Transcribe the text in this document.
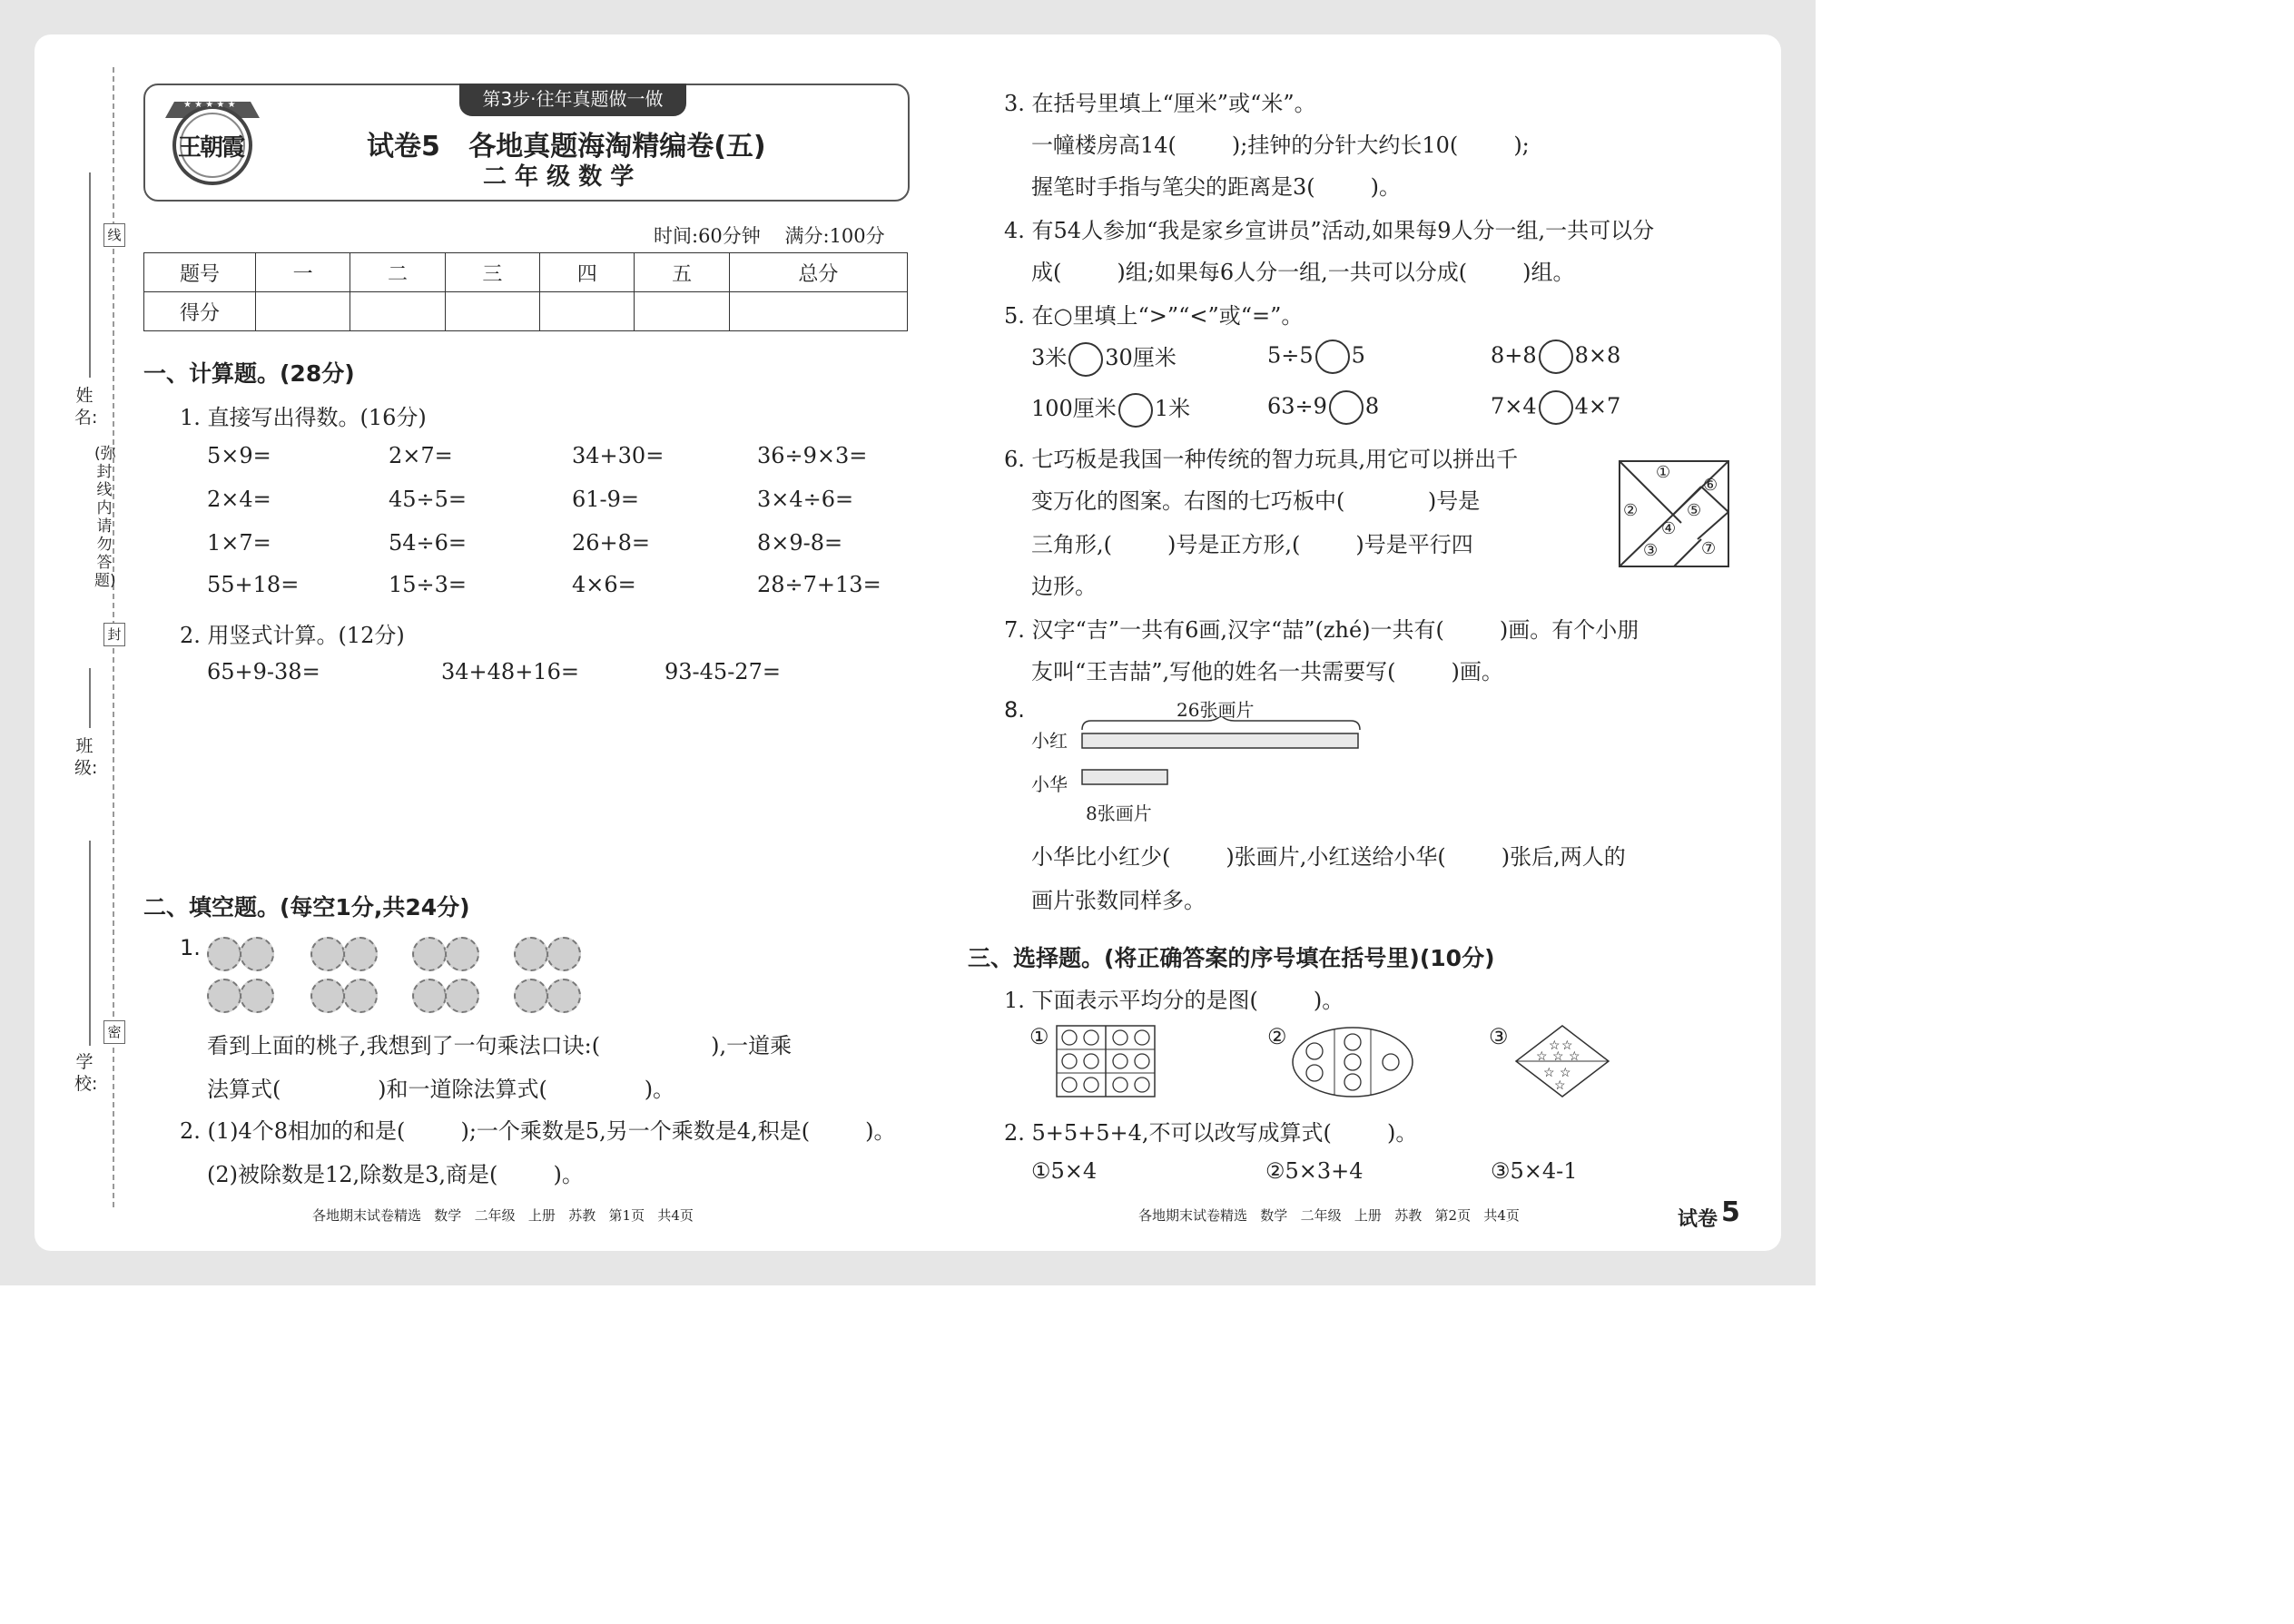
线
封
密
姓名:
班级:
学校:
(弥封线内请勿答题)
第3步·往年真题做一做
★ ★ ★ ★ ★
王朝霞	试卷5   各地真题海淘精编卷(五)
二 年 级 数 学
时间:60分钟    满分:100分
题号	一	二	三	四	五	总分
得分						
一、计算题。(28分)
1. 直接写出得数。(16分)
2. 用竖式计算。(12分)
65+9-38=	34+48+16=	93-45-27=
二、填空题。(每空1分,共24分)
1.
看到上面的桃子,我想到了一句乘法口诀:(                ),一道乘
法算式(              )和一道除法算式(              )。
2. (1)4个8相加的和是(        );一个乘数是5,另一个乘数是4,积是(        )。
(2)被除数是12,除数是3,商是(        )。
3. 在括号里填上“厘米”或“米”。
一幢楼房高14(        );挂钟的分针大约长10(        );
握笔时手指与笔尖的距离是3(        )。
4. 有54人参加“我是家乡宣讲员”活动,如果每9人分一组,一共可以分
成(        )组;如果每6人分一组,一共可以分成(        )组。
5. 在○里填上“>”“<”或“=”。
6. 七巧板是我国一种传统的智力玩具,用它可以拼出千
变万化的图案。右图的七巧板中(            )号是
三角形,(        )号是正方形,(        )号是平行四
边形。
①
②
③
④
⑤
⑥
⑦
7. 汉字“吉”一共有6画,汉字“喆”(zhé)一共有(        )画。有个小朋
友叫“王吉喆”,写他的姓名一共需要写(        )画。
8.	26张画片
小红
小华
8张画片
小华比小红少(        )张画片,小红送给小华(        )张后,两人的
画片张数同样多。
三、选择题。(将正确答案的序号填在括号里)(10分)
1. 下面表示平均分的是图(        )。
①	②	③	☆ ☆
☆ ☆ ☆
☆ ☆
☆
2. 5+5+5+4,不可以改写成算式(        )。
①5×4	②5×3+4	③5×4-1
各地期末试卷精选   数学   二年级   上册   苏教   第1页   共4页	各地期末试卷精选   数学   二年级   上册   苏教   第2页   共4页	试卷 5
5×9=	2×7=	34+30=	36÷9×3=
2×4=	45÷5=	61-9=	3×4÷6=
1×7=	54÷6=	26+8=	8×9-8=
55+18=	15÷3=	4×6=	28÷7+13=
3米 30厘米	5÷5 5	8+8 8×8
100厘米 1米	63÷9 8	7×4 4×7
